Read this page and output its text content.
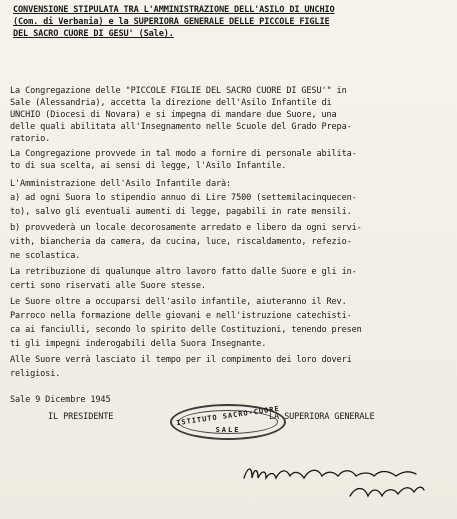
CONVENSIONE STIPULATA TRA L'AMMINISTRAZIONE DELL'ASILO DI UNCHIO
(Com. di Verbania) e la SUPERIORA GENERALE DELLE PICCOLE FIGLIE
DEL SACRO CUORE DI GESU' (Sale).
La Congregazione delle "PICCOLE FIGLIE DEL SACRO CUORE DI GESU'" in
Sale (Alessandria), accetta la direzione dell'Asilo Infantile di
UNCHIO (Diocesi di Novara) e si impegna di mandare due Suore, una
delle quali abilitata all'Insegnamento nelle Scuole del Grado Prepa-
ratorio.
La Congregazione provvede in tal modo a fornire di personale abilita-
to di sua scelta, ai sensi di legge, l'Asilo Infantile.
L'Amministrazione dell'Asilo Infantile darà:
a) ad ogni Suora lo stipendio annuo di Lire 7500 (settemilacinquecen-
to), salvo gli eventuali aumenti di legge, pagabili in rate mensili.
b) provvederà un locale decorosamente arredato e libero da ogni servi-
vith, biancheria da camera, da cucina, luce, riscaldamento, refezio-
ne scolastica.
La retribuzione di qualunque altro lavoro fatto dalle Suore e gli in-
certi sono riservati alle Suore stesse.
Le Suore oltre a occuparsi dell'asilo infantile, aiuteranno il Rev.
Parroco nella formazione delle giovani e nell'istruzione catechisti-
ca ai fanciulli, secondo lo spirito delle Costituzioni, tenendo presen
ti gli impegni inderogabili della Suora Insegnante.
Alle Suore verrà lasciato il tempo per il compimento dei loro doveri
religiosi.
Sale 9 Dicembre 1945
IL PRESIDENTE	LA SUPERIORA GENERALE
ISTITUTO SACRO-CUORE
SALE
